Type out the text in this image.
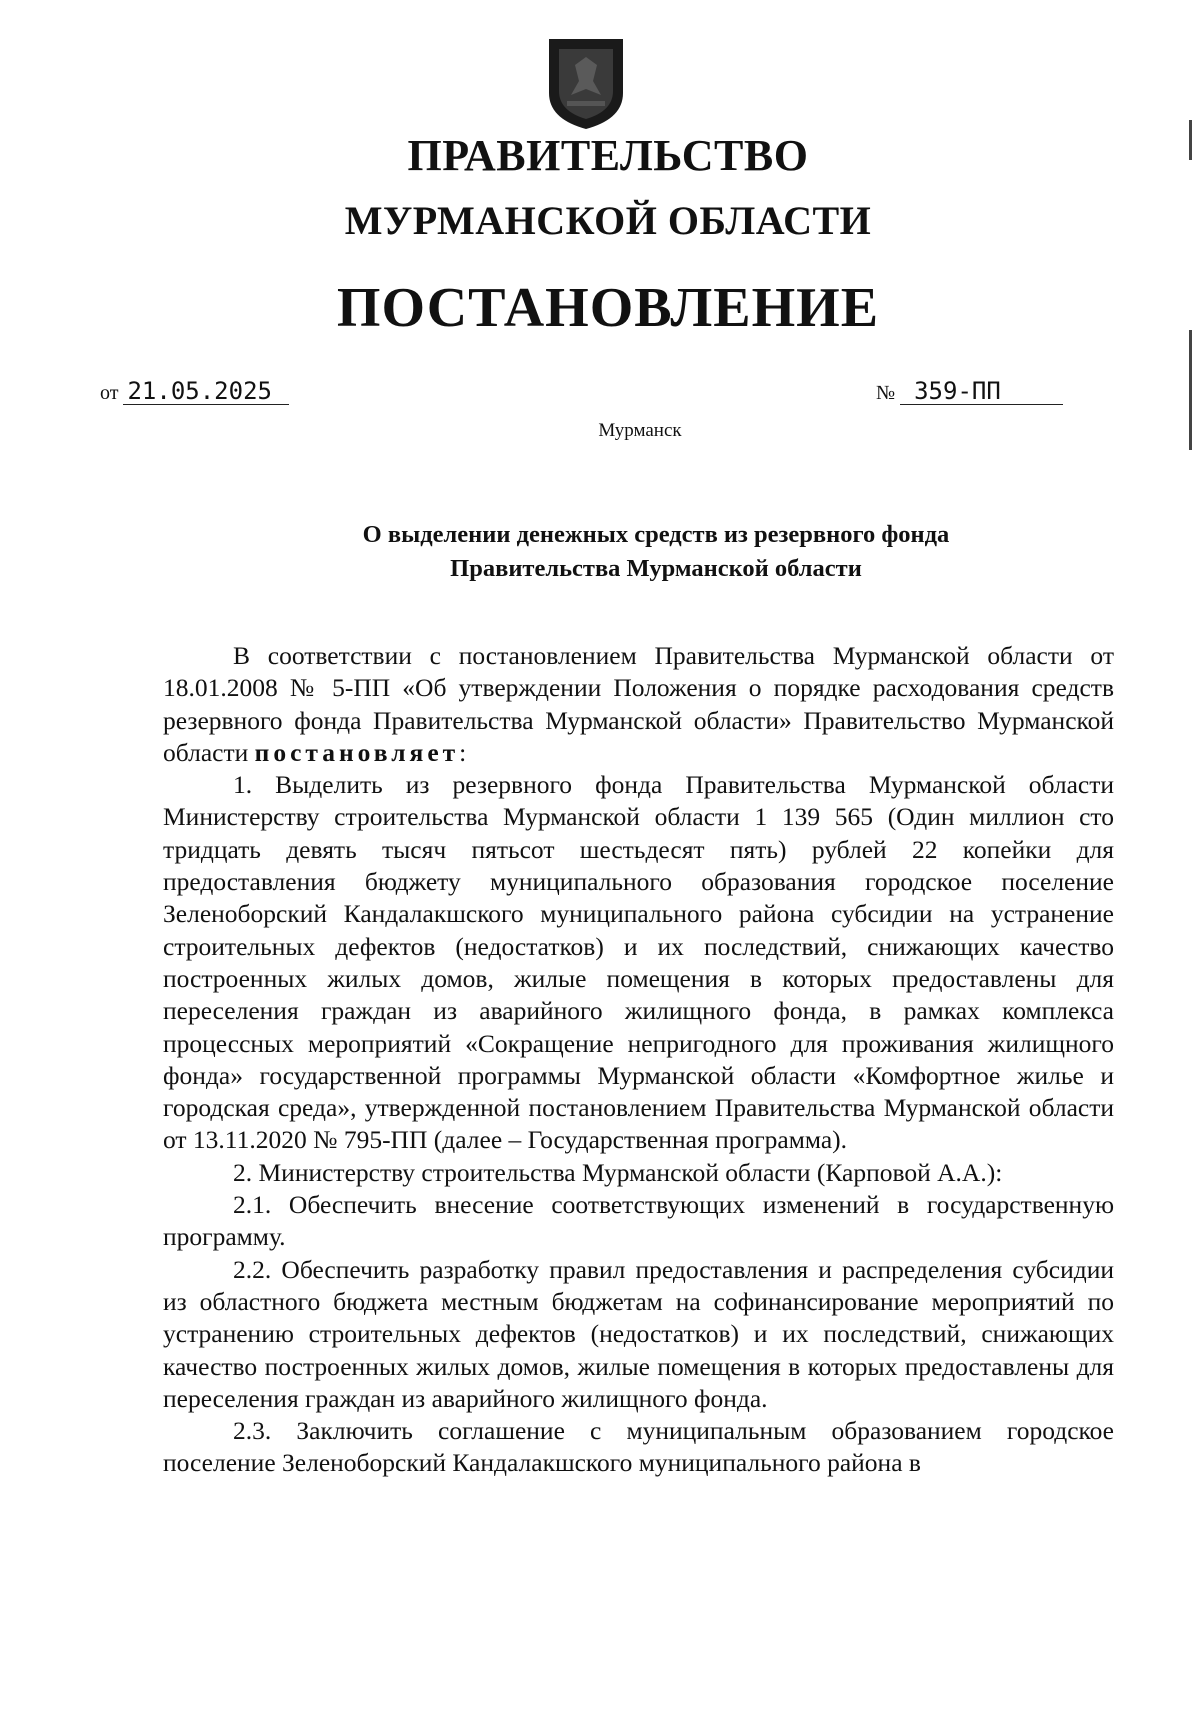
ПРАВИТЕЛЬСТВО
МУРМАНСКОЙ ОБЛАСТИ
ПОСТАНОВЛЕНИЕ
от 21.05.2025	№ 359-ПП
Мурманск
О выделении денежных средств из резервного фонда
Правительства Мурманской области

В соответствии с постановлением Правительства Мурманской области от 18.01.2008 № 5-ПП «Об утверждении Положения о порядке расходования средств резервного фонда Правительства Мурманской области» Правительство Мурманской области постановляет:

1. Выделить из резервного фонда Правительства Мурманской области Министерству строительства Мурманской области 1 139 565 (Один миллион сто тридцать девять тысяч пятьсот шестьдесят пять) рублей 22 копейки для предоставления бюджету муниципального образования городское поселение Зеленоборский Кандалакшского муниципального района субсидии на устранение строительных дефектов (недостатков) и их последствий, снижающих качество построенных жилых домов, жилые помещения в которых предоставлены для переселения граждан из аварийного жилищного фонда, в рамках комплекса процессных мероприятий «Сокращение непригодного для проживания жилищного фонда» государственной программы Мурманской области «Комфортное жилье и городская среда», утвержденной постановлением Правительства Мурманской области от 13.11.2020 № 795-ПП (далее – Государственная программа).

2. Министерству строительства Мурманской области (Карповой А.А.):

2.1. Обеспечить внесение соответствующих изменений в государственную программу.

2.2. Обеспечить разработку правил предоставления и распределения субсидии из областного бюджета местным бюджетам на софинансирование мероприятий по устранению строительных дефектов (недостатков) и их последствий, снижающих качество построенных жилых домов, жилые помещения в которых предоставлены для переселения граждан из аварийного жилищного фонда.

2.3. Заключить соглашение с муниципальным образованием городское поселение Зеленоборский Кандалакшского муниципального района в
